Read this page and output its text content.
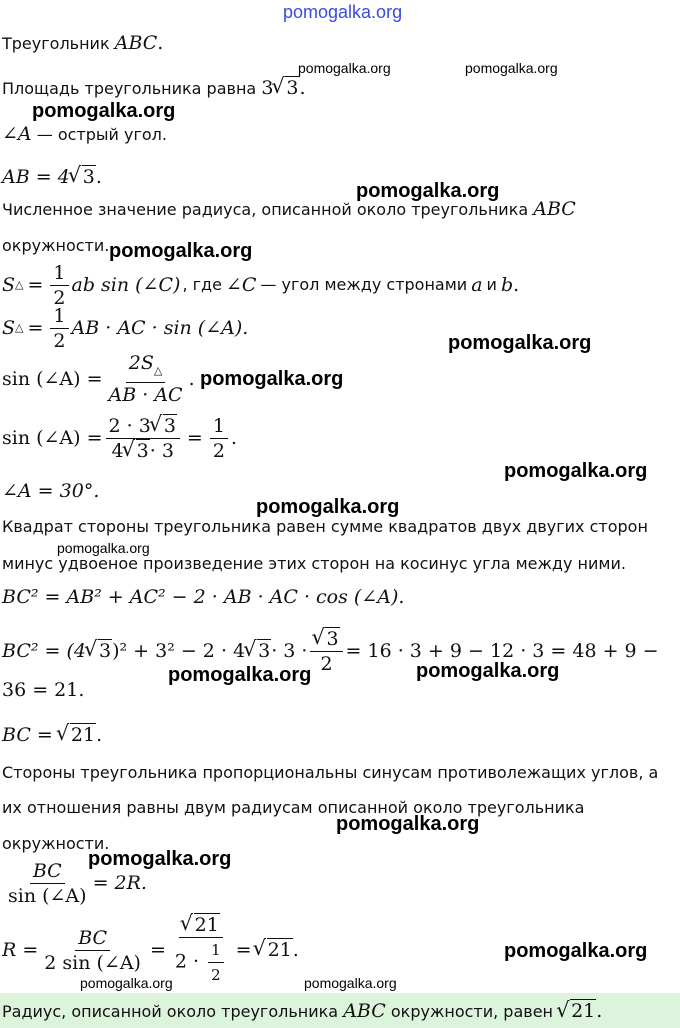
pomogalka.org
Треугольник ABC.
Площадь треугольника равна 3 √ 3.
∠A — острый угол.
AB = 4 √ 3.
Численное значение радиуса, описанной около треугольника ABC
окружности.
S △ = $\frac{1}{2}$ ab sin (∠C) , где ∠C — угол между стронами a и b .
S △ = $\frac{1}{2}$ AB · AC · sin (∠A).
sin (∠A) = $\frac{2S_\triangle}{AB \cdot AC}$ .
sin (∠A) = $\frac{2 \cdot 3 √ 3}{4 √ 3\cdot 3} = \frac{1}{2}$ .
∠A = 30°.
Квадрат стороны треугольника равен сумме квадратов двух двугих сторон
минус удвоеное произведение этих сторон на косинус угла между ними.
BC² = AB² + AC² − 2 · AB · AC · cos (∠A).
BC² = (4 √ 3 )² + 3² − 2 · 4 √ 3 · 3 · √ $\frac{3}{2} = 16 \cdot 3 + 9 - 12 \cdot 3 = 48 + 9$ −
36 = 21.
BC = √ 21.
Стороны треугольника пропорциональны синусам противолежащих углов, а
их отношения равны двум радиусам описанной около треугольника
окружности.
$\frac{BC}{\sin (\angle A)} = 2R$.
$R = \frac{BC}{2 \sin (\angle A)}$ = √ $\frac{21}{2 \cdot \frac{1}{2}}$ = √ 21 .
Радиус, описанной около треугольника ABC окружности, равен √ 21.
pomogalka.org	pomogalka.org
pomogalka.org
pomogalka.org
pomogalka.org
pomogalka.org
pomogalka.org
pomogalka.org
pomogalka.org
pomogalka.org
pomogalka.org	pomogalka.org
pomogalka.org
pomogalka.org
pomogalka.org
pomogalka.org	pomogalka.org
